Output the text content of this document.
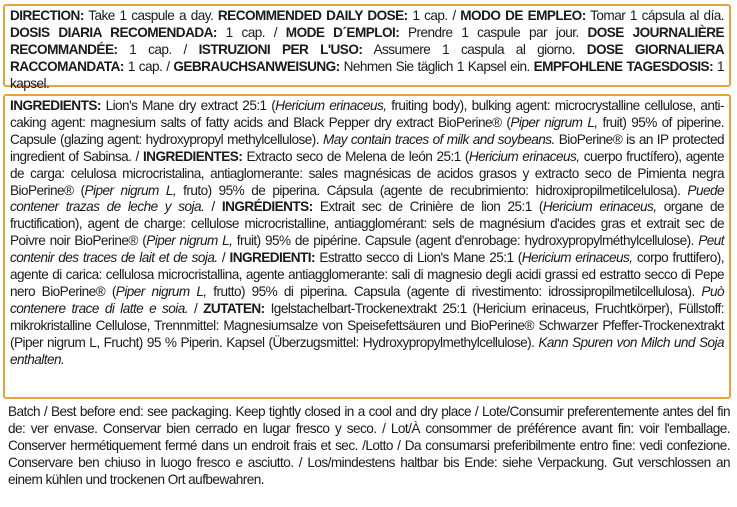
DIRECTION: Take 1 caspule a day. RECOMMENDED DAILY DOSE: 1 cap. / MODO DE EMPLEO: Tomar 1 cápsula al día. DOSIS DIARIA RECOMENDADA: 1 cap. / MODE D´EMPLOI: Prendre 1 caspule par jour. DOSE JOURNALIÈRE RECOMMANDÉE: 1 cap. / ISTRUZIONI PER L'USO: Assumere 1 caspula al giorno. DOSE GIORNALIERA RACCOMANDATA: 1 cap. / GEBRAUCHSANWEISUNG: Nehmen Sie täglich 1 Kapsel ein. EMPFOHLENE TAGESDOSIS: 1 kapsel.

INGREDIENTS: Lion's Mane dry extract 25:1 (Hericium erinaceus, fruiting body), bulking agent: microcrystalline cellulose, anti-caking agent: magnesium salts of fatty acids and Black Pepper dry extract BioPerine® (Piper nigrum L, fruit) 95% of piperine. Capsule (glazing agent: hydroxypropyl methylcellulose). May contain traces of milk and soybeans. BioPerine® is an IP protected ingredient of Sabinsa. / INGREDIENTES: Extracto seco de Melena de león 25:1 (Hericium erinaceus, cuerpo fructífero), agente de carga: celulosa microcristalina, antiaglomerante: sales magnésicas de acidos grasos y extracto seco de Pimienta negra BioPerine® (Piper nigrum L, fruto) 95% de piperina. Cápsula (agente de recubrimiento: hidroxipropilmetilcelulosa). Puede contener trazas de leche y soja. / INGRÉDIENTS: Extrait sec de Crinière de lion 25:1 (Hericium erinaceus, organe de fructification), agent de charge: cellulose microcristalline, antiagglomérant: sels de magnésium d'acides gras et extrait sec de Poivre noir BioPerine® (Piper nigrum L, fruit) 95% de pipérine. Capsule (agent d'enrobage: hydroxypropylméthylcellulose). Peut contenir des traces de lait et de soja. / INGREDIENTI: Estratto secco di Lion's Mane 25:1 (Hericium erinaceus, corpo fruttifero), agente di carica: cellulosa microcristallina, agente antiagglomerante: sali di magnesio degli acidi grassi ed estratto secco di Pepe nero BioPerine® (Piper nigrum L, frutto) 95% di piperina. Capsula (agente di rivestimento: idrossipropilmetilcellulosa). Può contenere trace di latte e soia. / ZUTATEN: Igelstachelbart-Trockenextrakt 25:1 (Hericium erinaceus, Fruchtkörper), Füllstoff: mikrokristalline Cellulose, Trennmittel: Magnesiumsalze von Speisefettsäuren und BioPerine® Schwarzer Pfeffer-Trockenextrakt (Piper nigrum L, Frucht) 95 % Piperin. Kapsel (Überzugsmittel: Hydroxypropylmethylcellulose). Kann Spuren von Milch und Soja enthalten.

Batch / Best before end: see packaging. Keep tightly closed in a cool and dry place / Lote/Consumir preferentemente antes del fin de: ver envase. Conservar bien cerrado en lugar fresco y seco. / Lot/À consommer de préférence avant fin: voir l'emballage. Conserver hermétiquement fermé dans un endroit frais et sec. /Lotto / Da consumarsi preferibilmente entro fine: vedi confezione. Conservare ben chiuso in luogo fresco e asciutto. / Los/mindestens haltbar bis Ende: siehe Verpackung. Gut verschlossen an einem kühlen und trockenen Ort aufbewahren.
